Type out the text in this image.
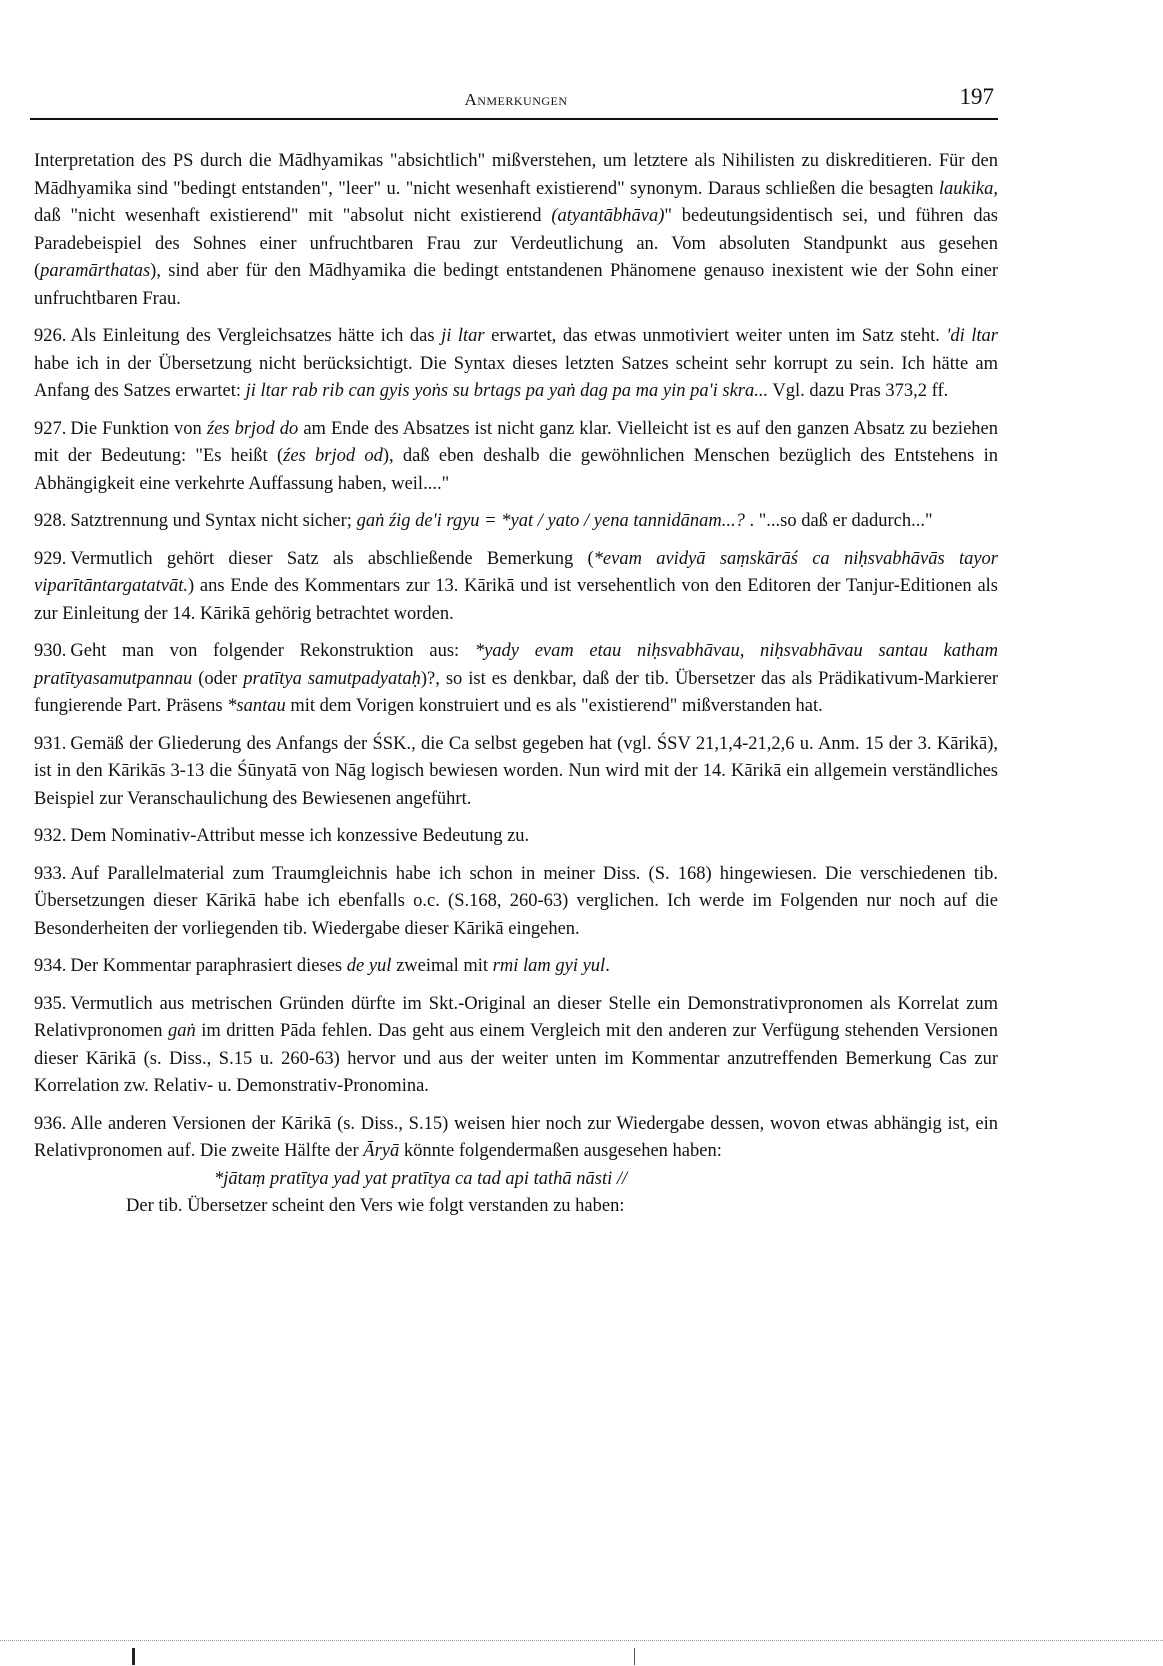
Anmerkungen	197

Interpretation des PS durch die Mādhyamikas "absichtlich" mißverstehen, um letztere als Nihilisten zu diskreditieren. Für den Mādhyamika sind "bedingt entstanden", "leer" u. "nicht wesenhaft existierend" synonym. Daraus schließen die besagten laukika, daß "nicht wesenhaft existierend" mit "absolut nicht existierend (atyantābhāva)" bedeutungsidentisch sei, und führen das Paradebeispiel des Sohnes einer unfruchtbaren Frau zur Verdeutlichung an. Vom absoluten Standpunkt aus gesehen (paramārthatas), sind aber für den Mādhyamika die bedingt entstandenen Phänomene genauso inexistent wie der Sohn einer unfruchtbaren Frau.

926. Als Einleitung des Vergleichsatzes hätte ich das ji ltar erwartet, das etwas unmotiviert weiter unten im Satz steht. 'di ltar habe ich in der Übersetzung nicht berücksichtigt. Die Syntax dieses letzten Satzes scheint sehr korrupt zu sein. Ich hätte am Anfang des Satzes erwartet: ji ltar rab rib can gyis yoṅs su brtags pa yaṅ dag pa ma yin pa'i skra... Vgl. dazu Pras 373,2 ff.

927. Die Funktion von źes brjod do am Ende des Absatzes ist nicht ganz klar. Vielleicht ist es auf den ganzen Absatz zu beziehen mit der Bedeutung: "Es heißt (źes brjod od), daß eben deshalb die gewöhnlichen Menschen bezüglich des Entstehens in Abhängigkeit eine verkehrte Auffassung haben, weil...."

928. Satztrennung und Syntax nicht sicher; gaṅ źig de'i rgyu = *yat / yato / yena tannidānam...? . "...so daß er dadurch..."

929. Vermutlich gehört dieser Satz als abschließende Bemerkung (*evam avidyā saṃskārāś ca niḥsvabhāvās tayor viparītāntargatatvāt.) ans Ende des Kommentars zur 13. Kārikā und ist versehentlich von den Editoren der Tanjur-Editionen als zur Einleitung der 14. Kārikā gehörig betrachtet worden.

930. Geht man von folgender Rekonstruktion aus: *yady evam etau niḥsvabhāvau, niḥsvabhāvau santau katham pratītyasamutpannau (oder pratītya samutpadyataḥ)?, so ist es denkbar, daß der tib. Übersetzer das als Prädikativum-Markierer fungierende Part. Präsens *santau mit dem Vorigen konstruiert und es als "existierend" mißverstanden hat.

931. Gemäß der Gliederung des Anfangs der ŚSK., die Ca selbst gegeben hat (vgl. ŚSV 21,1,4-21,2,6 u. Anm. 15 der 3. Kārikā), ist in den Kārikās 3-13 die Śūnyatā von Nāg logisch bewiesen worden. Nun wird mit der 14. Kārikā ein allgemein verständliches Beispiel zur Veranschaulichung des Bewiesenen angeführt.

932. Dem Nominativ-Attribut messe ich konzessive Bedeutung zu.

933. Auf Parallelmaterial zum Traumgleichnis habe ich schon in meiner Diss. (S. 168) hingewiesen. Die verschiedenen tib. Übersetzungen dieser Kārikā habe ich ebenfalls o.c. (S.168, 260-63) verglichen. Ich werde im Folgenden nur noch auf die Besonderheiten der vorliegenden tib. Wiedergabe dieser Kārikā eingehen.

934. Der Kommentar paraphrasiert dieses de yul zweimal mit rmi lam gyi yul.

935. Vermutlich aus metrischen Gründen dürfte im Skt.-Original an dieser Stelle ein Demonstrativpronomen als Korrelat zum Relativpronomen gaṅ im dritten Pāda fehlen. Das geht aus einem Vergleich mit den anderen zur Verfügung stehenden Versionen dieser Kārikā (s. Diss., S.15 u. 260-63) hervor und aus der weiter unten im Kommentar anzutreffenden Bemerkung Cas zur Korrelation zw. Relativ- u. Demonstrativ-Pronomina.

936. Alle anderen Versionen der Kārikā (s. Diss., S.15) weisen hier noch zur Wiedergabe dessen, wovon etwas abhängig ist, ein Relativpronomen auf. Die zweite Hälfte der Āryā könnte folgendermaßen ausgesehen haben:

*jātaṃ pratītya yad yat pratītya ca tad api tathā nāsti //

Der tib. Übersetzer scheint den Vers wie folgt verstanden zu haben:
